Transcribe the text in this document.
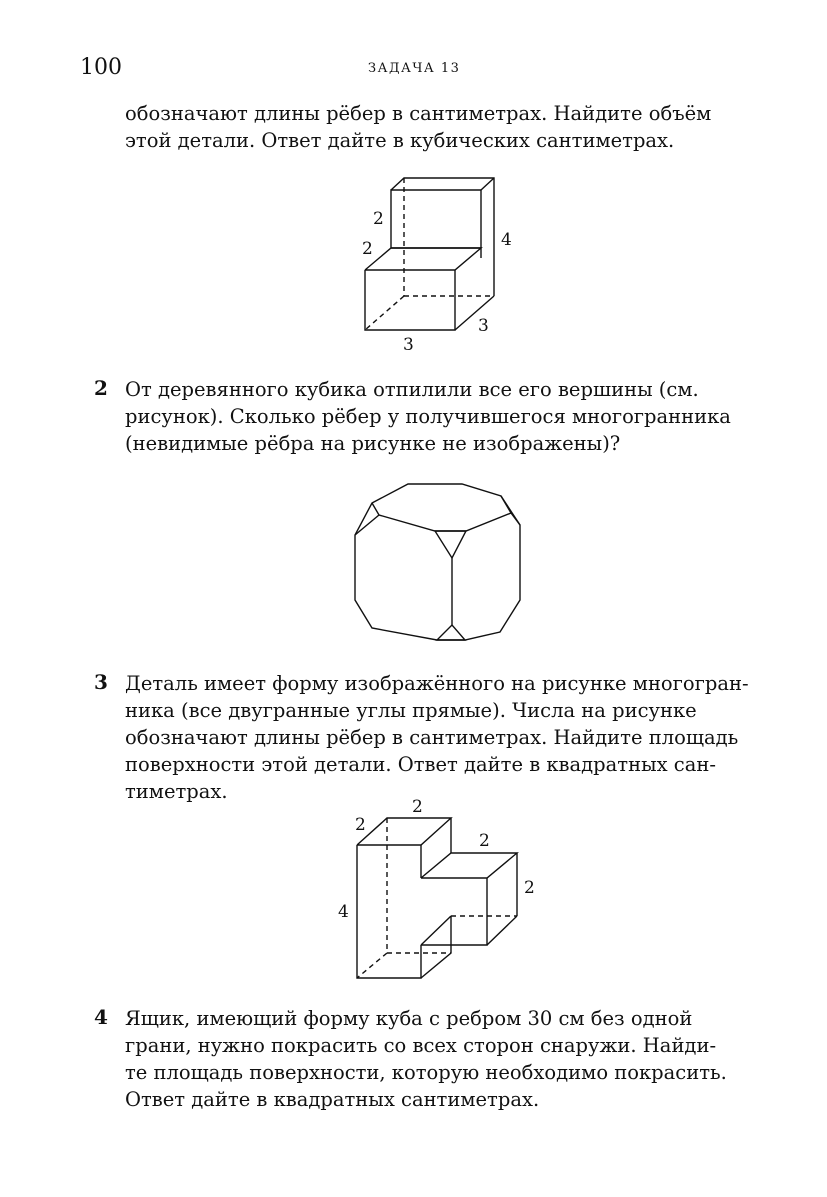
100	ЗАДАЧА 13

обозначают длины рёбер в сантиметрах. Найдите объём

этой детали. Ответ дайте в кубических сантиметрах.

2
2	4
3
3
2 От деревянного кубика отпилили все его вершины (см.

рисунок). Сколько рёбер у получившегося многогранника

(невидимые рёбра на рисунке не изображены)?

3 Деталь имеет форму изображённого на рисунке многогран-

ника (все двугранные углы прямые). Числа на рисунке

обозначают длины рёбер в сантиметрах. Найдите площадь

поверхности этой детали. Ответ дайте в квадратных сан-

тиметрах.

2
2
2
2
4
4 Ящик, имеющий форму куба с ребром 30 см без одной

грани, нужно покрасить со всех сторон снаружи. Найди-

те площадь поверхности, которую необходимо покрасить.

Ответ дайте в квадратных сантиметрах.
